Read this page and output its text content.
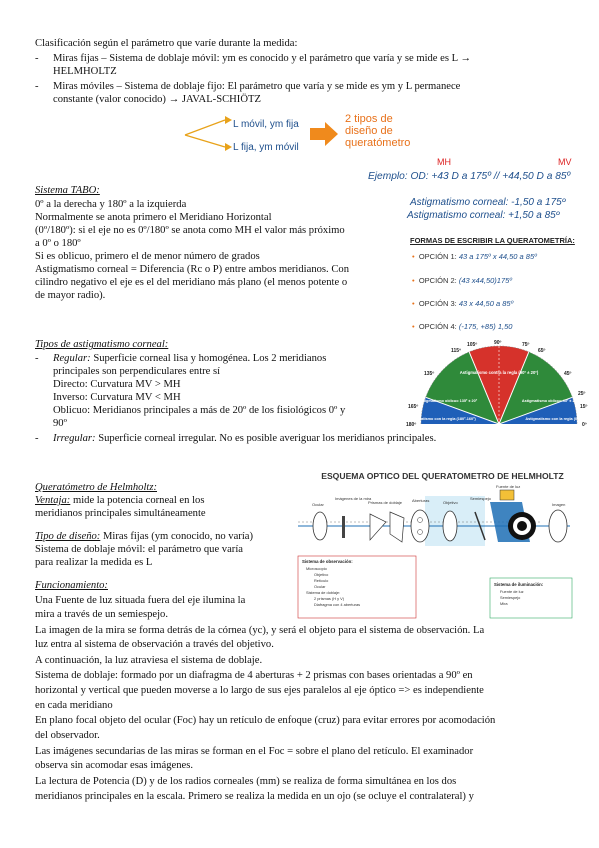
Clasificación según el parámetro que varíe durante la medida:
- Miras fijas – Sistema de doblaje móvil: ym es conocido y el parámetro que varía y se mide es L →
HELMHOLTZ
- Miras móviles – Sistema de doblaje fijo: El parámetro que varía y se mide es ym y L permanece
constante (valor conocido) → JAVAL-SCHIÖTZ
L móvil, ym fija
L fija, ym móvil
2 tipos de
diseño de
queratómetro
MH	MV
Ejemplo: OD: +43 D a 175º // +44,50 D a 85º
Astigmatismo corneal: -1,50 a 175º
Astigmatismo corneal: +1,50 a 85º
FORMAS DE ESCRIBIR LA QUERATOMETRÍA:
• OPCIÓN 1: 43 a 175º x 44,50 a 85º
• OPCIÓN 2: (43 x44,50)175º
• OPCIÓN 3: 43 x 44,50 a 85º
• OPCIÓN 4: (-175, +85) 1,50
Sistema TABO:
0º a la derecha y 180º a la izquierda
Normalmente se anota primero el Meridiano Horizontal
(0º/180º): si el eje no es 0º/180º se anota como MH el valor más próximo
a 0º o 180º
Si es oblicuo, primero el de menor número de grados
Astigmatismo corneal = Diferencia (Rc o P) entre ambos meridianos. Con
cilindro negativo el eje es el del meridiano más plano (el menos potente o
de mayor radio).
Tipos de astigmatismo corneal:
- Regular: Superficie corneal lisa y homogénea. Los 2 meridianos
principales son perpendiculares entre sí
Directo: Curvatura MV > MH
Inverso: Curvatura MV < MH
Oblicuo: Meridianos principales a más de 20º de los fisiológicos 0º y
90º
- Irregular: Superficie corneal irregular. No es posible averiguar los meridianos principales.
Astigmatismo contra la regla (90º ± 20º)
Astigmatismo oblicuo 135º ± 20º	Astigmatismo oblicuo 45º ± 20º
Astigmatismo con la regla (180º-160º)	Astigmatismo con la regla (0º-20º)
180º
165º
135º
115º
105º	90º	75º
65º
45º
25º
15º
0º
Queratómetro de Helmholtz:
Ventaja: mide la potencia corneal en los
meridianos principales simultáneamente
Tipo de diseño: Miras fijas (ym conocido, no varía)
Sistema de doblaje móvil: el parámetro que varía
para realizar la medida es L
Funcionamiento:
Una Fuente de luz situada fuera del eje ilumina la
mira a través de un semiespejo.
La imagen de la mira se forma detrás de la córnea (yc), y será el objeto para el sistema de observación. La
luz entra al sistema de observación a través del objetivo.
A continuación, la luz atraviesa el sistema de doblaje.
Sistema de doblaje: formado por un diafragma de 4 aberturas + 2 prismas con bases orientadas a 90º en
horizontal y vertical que pueden moverse a lo largo de sus ejes paralelos al eje óptico => es independiente
en cada meridiano
En plano focal objeto del ocular (Foc) hay un retículo de enfoque (cruz) para evitar errores por acomodación
del observador.
Las imágenes secundarias de las miras se forman en el Foc = sobre el plano del retículo. El examinador
observa sin acomodar esas imágenes.
La lectura de Potencia (D) y de los radios corneales (mm) se realiza de forma simultánea en los dos
meridianos principales en la escala. Primero se realiza la medida en un ojo (se ocluye el contralateral) y
ESQUEMA OPTICO DEL QUERATOMETRO DE HELMHOLTZ
Ocular
Imágenes de la mira
Prismas de doblaje Aberturas	Objetivo
Semiespejo
Imagen
Fuente de luz
Sistema de observación:
Microscopio
Objetivo
Retículo
Ocular
Sistema de doblaje:
2 prismas (H y V)
Diafragma con 4 aberturas
Sistema de iluminación:
Fuente de luz
Semiespejo
Mira
